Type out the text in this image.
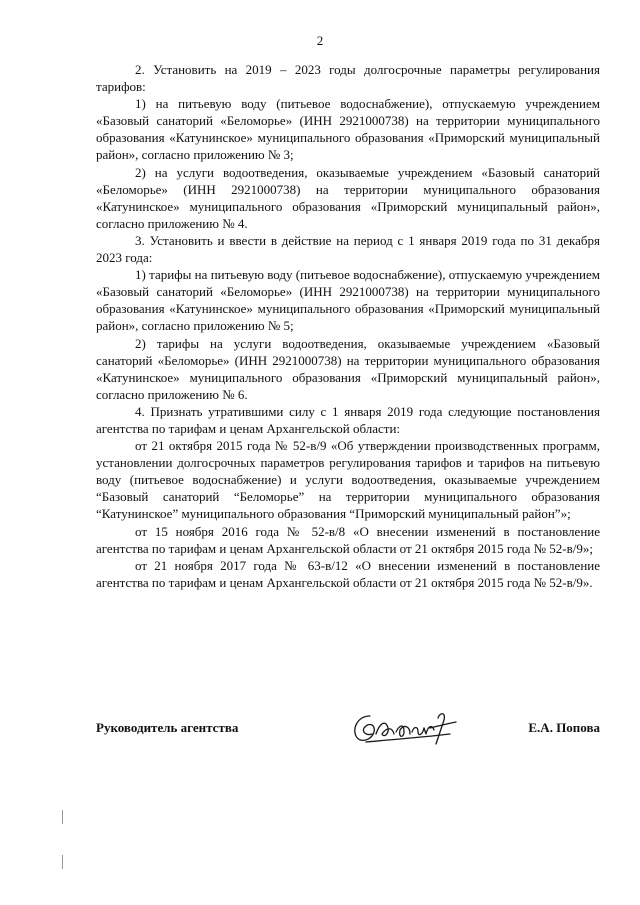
2

2. Установить на 2019 – 2023 годы долгосрочные параметры регулирования тарифов:

1) на питьевую воду (питьевое водоснабжение), отпускаемую учреждением «Базовый санаторий «Беломорье» (ИНН 2921000738) на территории муниципального образования «Катунинское» муниципального образования «Приморский муниципальный район», согласно приложению № 3;

2) на услуги водоотведения, оказываемые учреждением «Базовый санаторий «Беломорье» (ИНН 2921000738) на территории муниципального образования «Катунинское» муниципального образования «Приморский муниципальный район», согласно приложению № 4.

3. Установить и ввести в действие на период с 1 января 2019 года по 31 декабря 2023 года:

1) тарифы на питьевую воду (питьевое водоснабжение), отпускаемую учреждением «Базовый санаторий «Беломорье» (ИНН 2921000738) на территории муниципального образования «Катунинское» муниципального образования «Приморский муниципальный район», согласно приложению № 5;

2) тарифы на услуги водоотведения, оказываемые учреждением «Базовый санаторий «Беломорье» (ИНН 2921000738) на территории муниципального образования «Катунинское» муниципального образования «Приморский муниципальный район», согласно приложению № 6.

4. Признать утратившими силу с 1 января 2019 года следующие постановления агентства по тарифам и ценам Архангельской области:

от 21 октября 2015 года № 52-в/9 «Об утверждении производственных программ, установлении долгосрочных параметров регулирования тарифов и тарифов на питьевую воду (питьевое водоснабжение) и услуги водоотведения, оказываемые учреждением “Базовый санаторий “Беломорье” на территории муниципального образования “Катунинское” муниципального образования “Приморский муниципальный район”»;

от 15 ноября 2016 года № 52-в/8 «О внесении изменений в постановление агентства по тарифам и ценам Архангельской области от 21 октября 2015 года № 52-в/9»;

от 21 ноября 2017 года № 63-в/12 «О внесении изменений в постановление агентства по тарифам и ценам Архангельской области от 21 октября 2015 года № 52-в/9».

Руководитель агентства	Е.А. Попова
